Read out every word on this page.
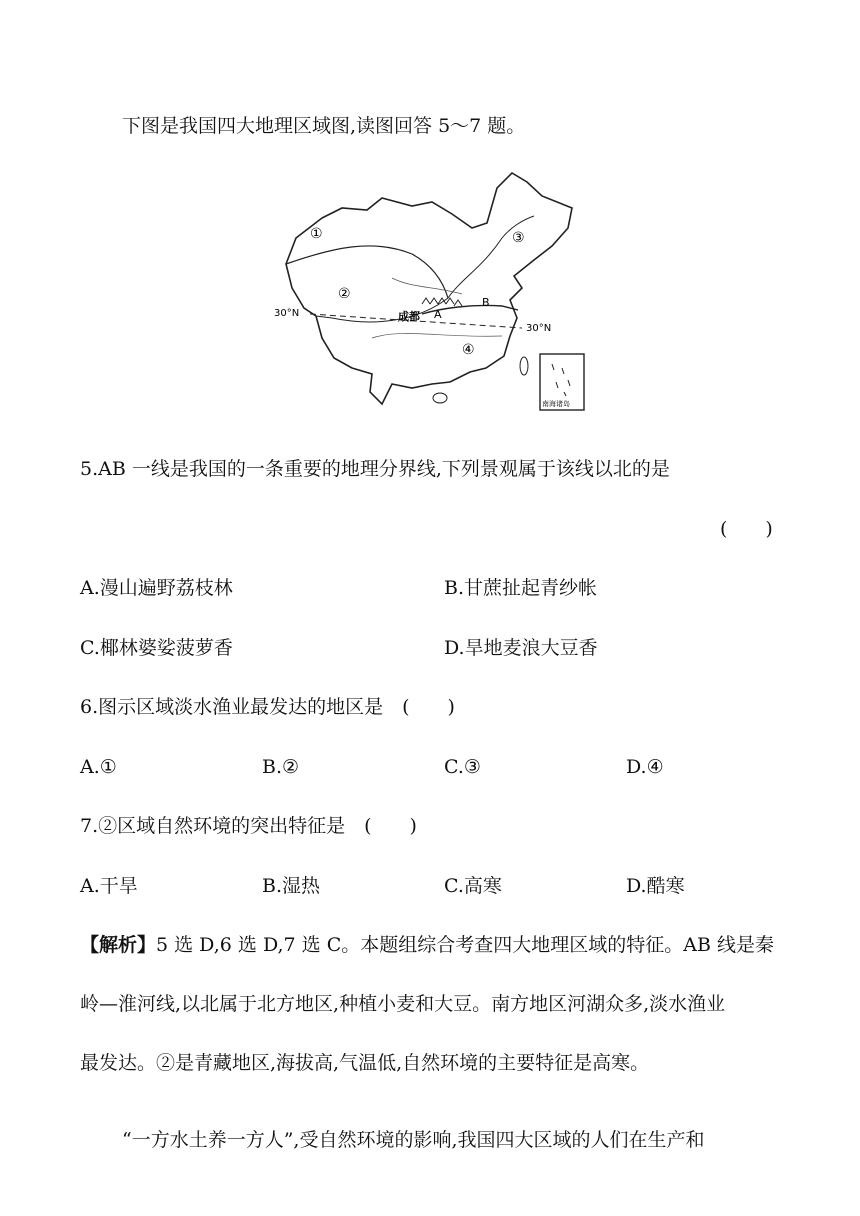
下图是我国四大地理区域图,读图回答 5～7 题。
①
②
③
④
成都 A
B
30°N
30°N
南海诸岛
5.AB 一线是我国的一条重要的地理分界线,下列景观属于该线以北的是
(　　)
A.漫山遍野荔枝林	B.甘蔗扯起青纱帐
C.椰林婆娑菠萝香	D.旱地麦浪大豆香
6.图示区域淡水渔业最发达的地区是　(　　)
A.①	B.②	C.③	D.④
7.②区域自然环境的突出特征是　(　　)
A.干旱	B.湿热	C.高寒	D.酷寒
【解析】5 选 D,6 选 D,7 选 C。本题组综合考查四大地理区域的特征。AB 线是秦
岭—淮河线,以北属于北方地区,种植小麦和大豆。南方地区河湖众多,淡水渔业
最发达。②是青藏地区,海拔高,气温低,自然环境的主要特征是高寒。
“一方水土养一方人”,受自然环境的影响,我国四大区域的人们在生产和
